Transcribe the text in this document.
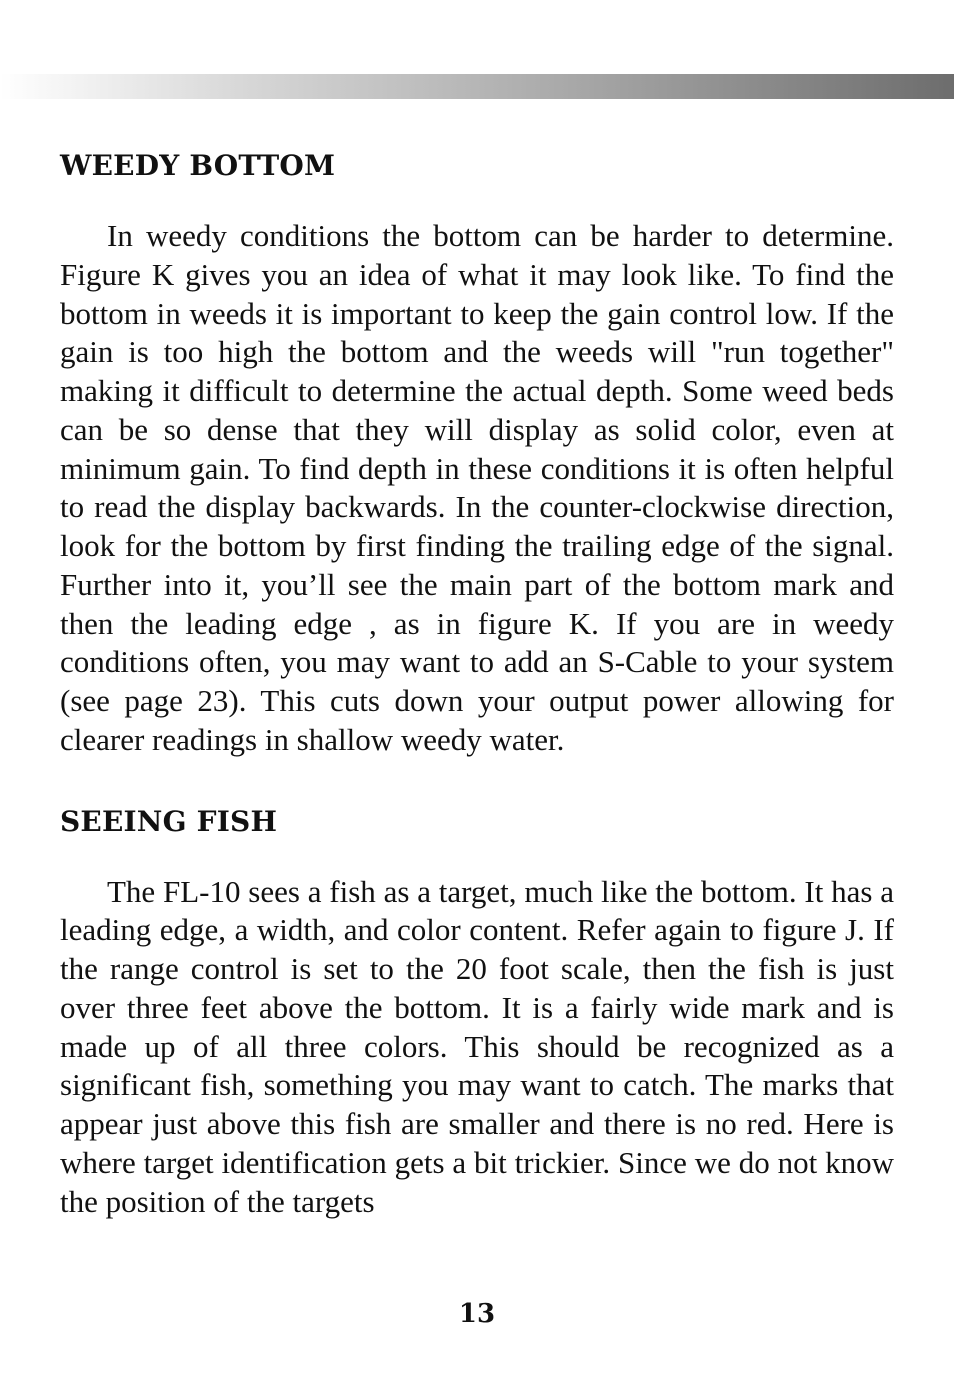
WEEDY BOTTOM

In weedy conditions the bottom can be harder to determine. Figure K gives you an idea of what it may look like. To find the bottom in weeds it is important to keep the gain control low. If the gain is too high the bottom and the weeds will "run together" making it difficult to determine the actual depth. Some weed beds can be so dense that they will display as solid color, even at minimum gain. To find depth in these conditions it is often helpful to read the display backwards. In the counter-clockwise direction, look for the bottom by first finding the trailing edge of the signal. Further into it, you’ll see the main part of the bottom mark and then the leading edge , as in figure K. If you are in weedy conditions often, you may want to add an S-Cable to your system (see page 23). This cuts down your output power allowing for clearer readings in shallow weedy water.

SEEING FISH

The FL-10 sees a fish as a target, much like the bottom. It has a leading edge, a width, and color content. Refer again to figure J. If the range control is set to the 20 foot scale, then the fish is just over three feet above the bottom. It is a fairly wide mark and is made up of all three colors. This should be recognized as a significant fish, something you may want to catch. The marks that appear just above this fish are smaller and there is no red. Here is where target identification gets a bit trickier. Since we do not know the position of the targets

13
